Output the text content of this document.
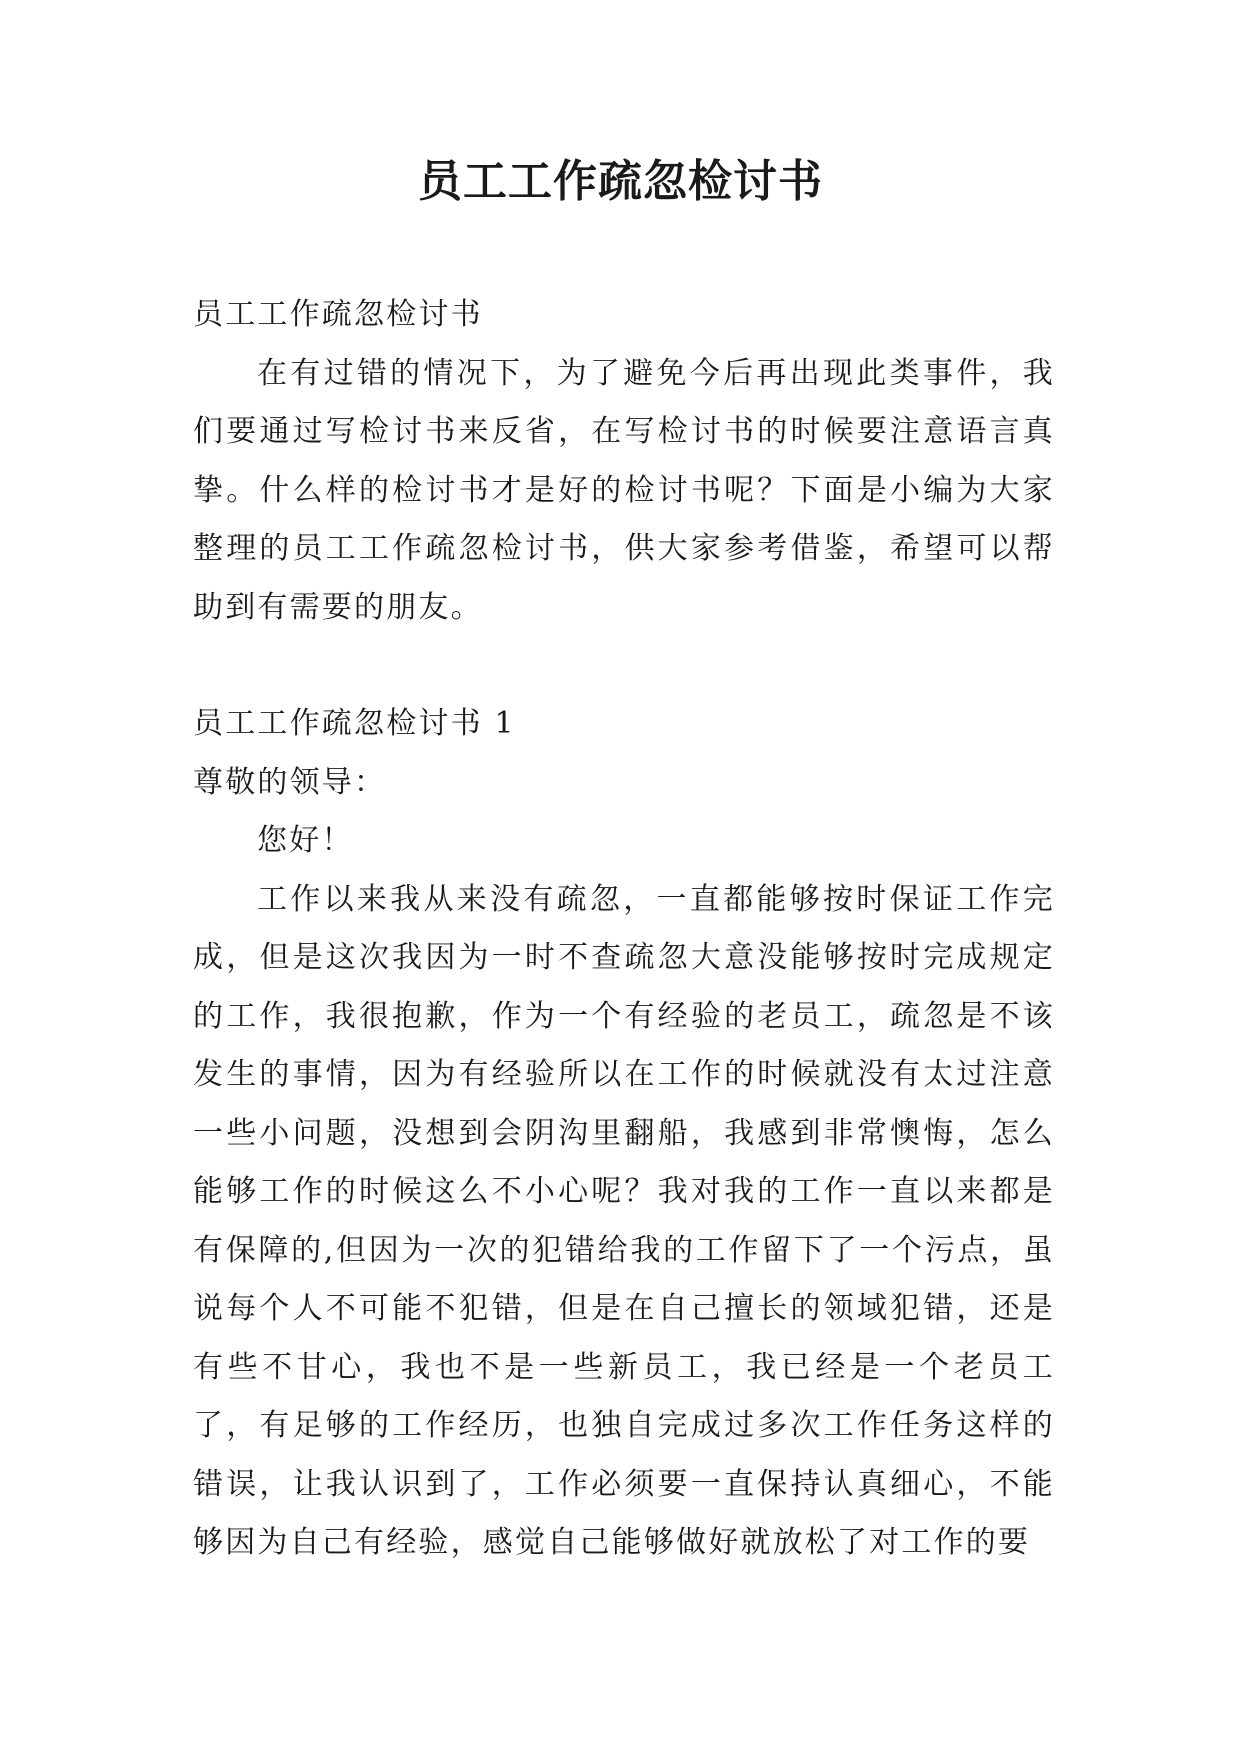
员工工作疏忽检讨书

员工工作疏忽检讨书

在有过错的情况下，为了避免今后再出现此类事件，我们要通过写检讨书来反省，在写检讨书的时候要注意语言真挚。什么样的检讨书才是好的检讨书呢？下面是小编为大家整理的员工工作疏忽检讨书，供大家参考借鉴，希望可以帮助到有需要的朋友。

员工工作疏忽检讨书 1

尊敬的领导：

您好！

工作以来我从来没有疏忽，一直都能够按时保证工作完成，但是这次我因为一时不查疏忽大意没能够按时完成规定的工作，我很抱歉，作为一个有经验的老员工，疏忽是不该发生的事情，因为有经验所以在工作的时候就没有太过注意一些小问题，没想到会阴沟里翻船，我感到非常懊悔，怎么能够工作的时候这么不小心呢？我对我的工作一直以来都是有保障的,但因为一次的犯错给我的工作留下了一个污点，虽说每个人不可能不犯错，但是在自己擅长的领域犯错，还是有些不甘心，我也不是一些新员工，我已经是一个老员工了，有足够的工作经历，也独自完成过多次工作任务这样的错误，让我认识到了，工作必须要一直保持认真细心，不能够因为自己有经验，感觉自己能够做好就放松了对工作的要
